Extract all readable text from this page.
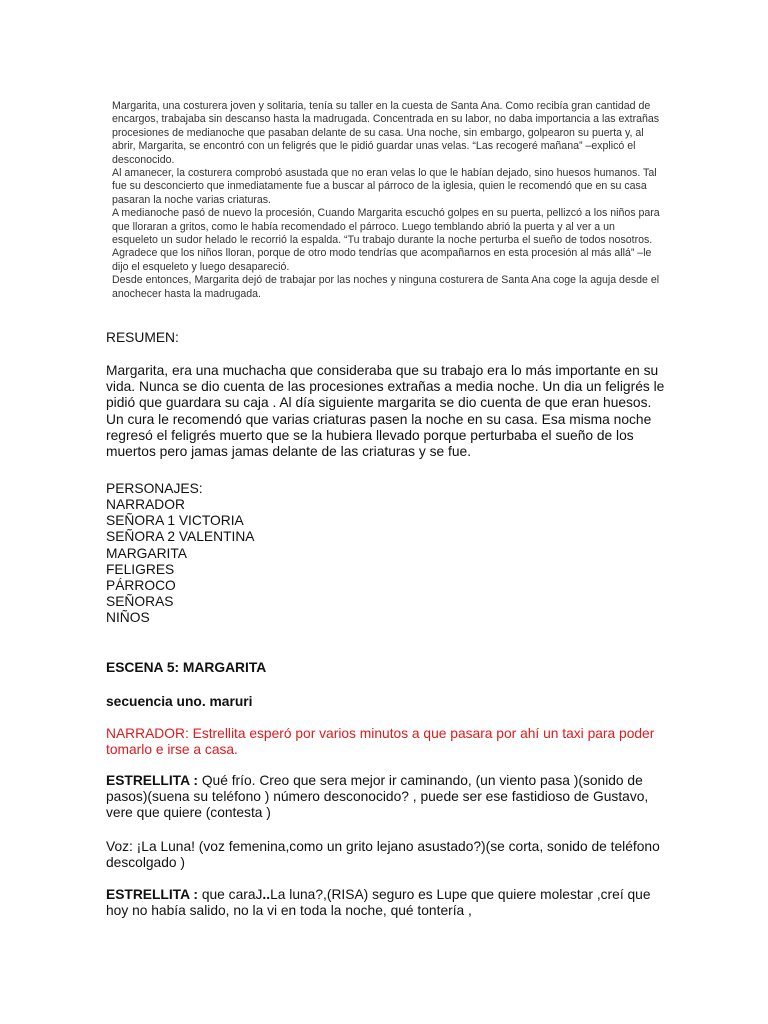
Margarita, una costurera joven y solitaria, tenía su taller en la cuesta de Santa Ana. Como recibía gran cantidad de encargos, trabajaba sin descanso hasta la madrugada. Concentrada en su labor, no daba importancia a las extrañas procesiones de medianoche que pasaban delante de su casa. Una noche, sin embargo, golpearon su puerta y, al abrir, Margarita, se encontró con un feligrés que le pidió guardar unas velas. “Las recogeré mañana” –explicó el desconocido.

Al amanecer, la costurera comprobó asustada que no eran velas lo que le habían dejado, sino huesos humanos. Tal fue su desconcierto que inmediatamente fue a buscar al párroco de la iglesia, quien le recomendó que en su casa pasaran la noche varias criaturas.

A medianoche pasó de nuevo la procesión, Cuando Margarita escuchó golpes en su puerta, pellizcó a los niños para que lloraran a gritos, como le había recomendado el párroco. Luego temblando abrió la puerta y al ver a un esqueleto un sudor helado le recorrió la espalda. “Tu trabajo durante la noche perturba el sueño de todos nosotros. Agradece que los niños lloran, porque de otro modo tendrías que acompañarnos en esta procesión al más allá” –le dijo el esqueleto y luego desapareció.

Desde entonces, Margarita dejó de trabajar por las noches y ninguna costurera de Santa Ana coge la aguja desde el anochecer hasta la madrugada.

RESUMEN:

Margarita, era una muchacha que consideraba que su trabajo era lo más importante en su vida. Nunca se dio cuenta de las procesiones extrañas a media noche. Un dia un feligrés le pidió que guardara su caja . Al día siguiente margarita se dio cuenta de que eran huesos. Un cura le recomendó que varias criaturas pasen la noche en su casa. Esa misma noche regresó el feligrés muerto que se la hubiera llevado porque perturbaba el sueño de los muertos pero jamas jamas delante de las criaturas y se fue.

PERSONAJES:
NARRADOR
SEÑORA 1 VICTORIA
SEÑORA 2 VALENTINA
MARGARITA
FELIGRES
PÁRROCO
SEÑORAS
NIÑOS
ESCENA 5: MARGARITA
secuencia uno. maruri

NARRADOR: Estrellita esperó por varios minutos a que pasara por ahí un taxi para poder tomarlo e irse a casa.

ESTRELLITA : Qué frío. Creo que sera mejor ir caminando, (un viento pasa )(sonido de pasos)(suena su teléfono ) número desconocido? , puede ser ese fastidioso de Gustavo, vere que quiere (contesta )

Voz: ¡La Luna! (voz femenina,como un grito lejano asustado?)(se corta, sonido de teléfono descolgado )

ESTRELLITA : que caraJ..La luna?,(RISA) seguro es Lupe que quiere molestar ,creí que hoy no había salido, no la vi en toda la noche, qué tontería ,
